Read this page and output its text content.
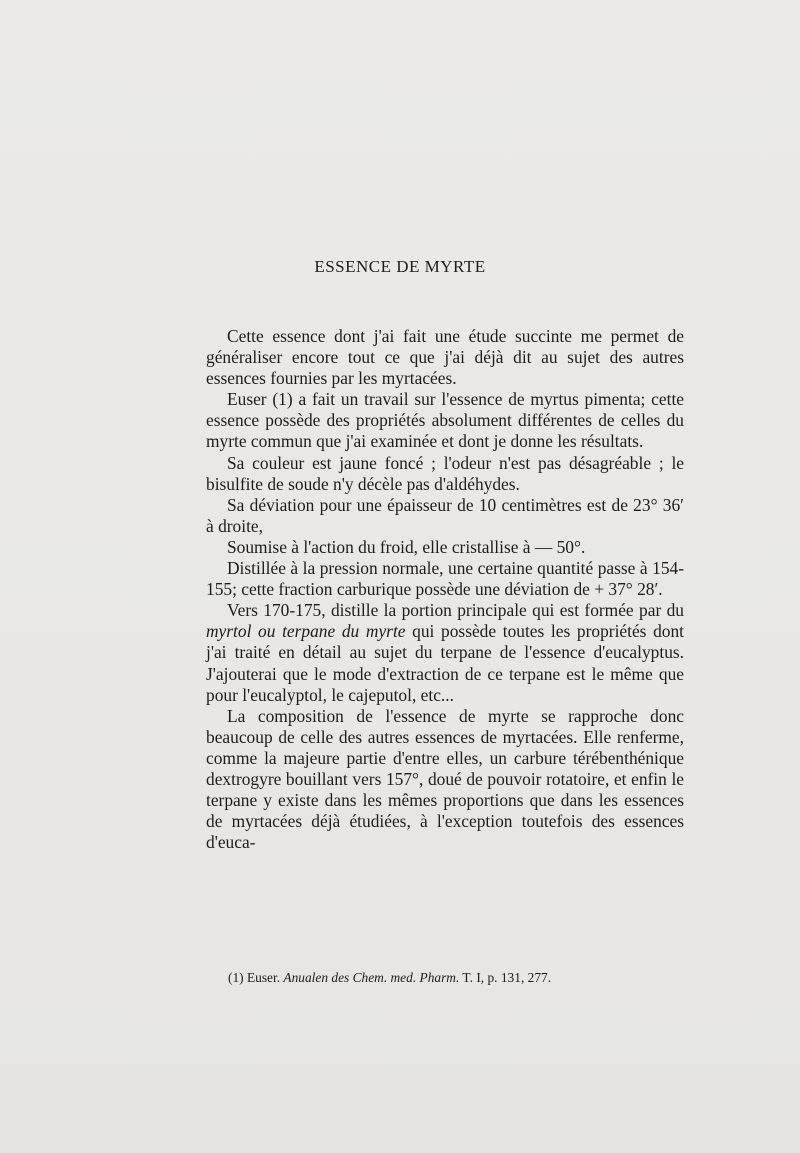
ESSENCE DE MYRTE

Cette essence dont j'ai fait une étude succinte me permet de généraliser encore tout ce que j'ai déjà dit au sujet des autres essences fournies par les myrtacées.

Euser (1) a fait un travail sur l'essence de myrtus pimenta; cette essence possède des propriétés absolument différentes de celles du myrte commun que j'ai examinée et dont je donne les résultats.

Sa couleur est jaune foncé ; l'odeur n'est pas désagréable ; le bisulfite de soude n'y décèle pas d'aldéhydes.

Sa déviation pour une épaisseur de 10 centimètres est de 23° 36′ à droite,

Soumise à l'action du froid, elle cristallise à — 50°.

Distillée à la pression normale, une certaine quantité passe à 154-155; cette fraction carburique possède une déviation de + 37° 28′.

Vers 170-175, distille la portion principale qui est formée par du myrtol ou terpane du myrte qui possède toutes les propriétés dont j'ai traité en détail au sujet du terpane de l'essence d'eucalyptus. J'ajouterai que le mode d'extraction de ce terpane est le même que pour l'eucalyptol, le cajeputol, etc...

La composition de l'essence de myrte se rapproche donc beaucoup de celle des autres essences de myrtacées. Elle renferme, comme la majeure partie d'entre elles, un carbure térébenthénique dextrogyre bouillant vers 157°, doué de pouvoir rotatoire, et enfin le terpane y existe dans les mêmes proportions que dans les essences de myrtacées déjà étudiées, à l'exception toutefois des essences d'euca-

(1) Euser. Anualen des Chem. med. Pharm. T. I, p. 131, 277.
